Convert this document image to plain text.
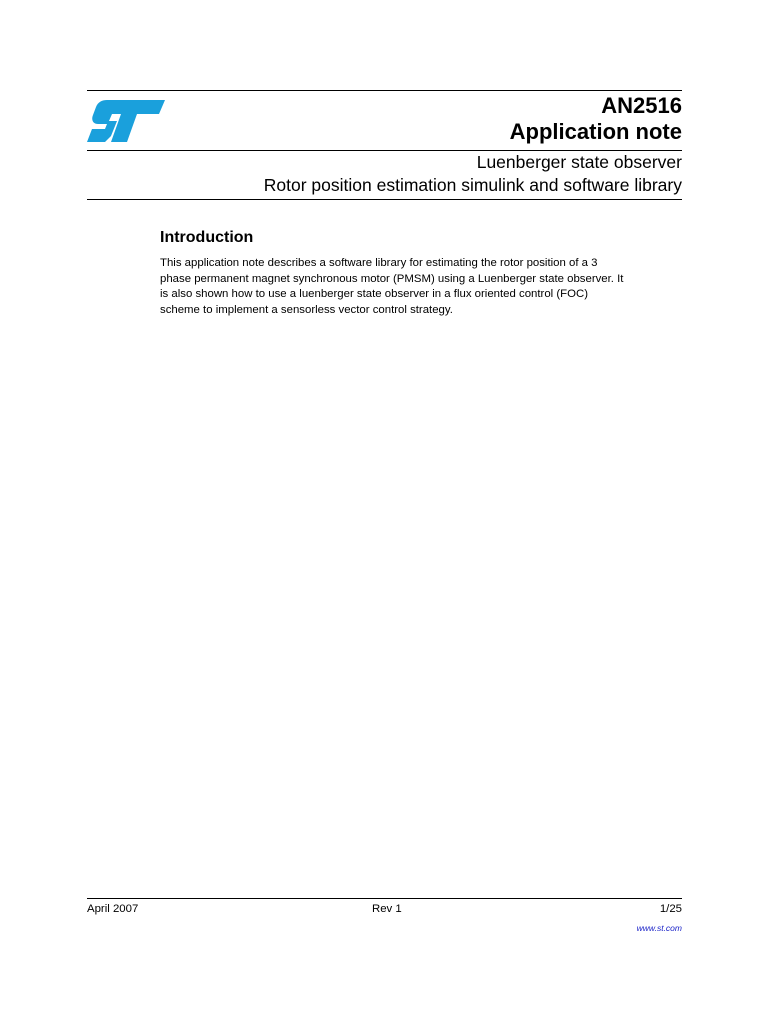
AN2516
Application note
Luenberger state observer
Rotor position estimation simulink and software library
Introduction
This application note describes a software library for estimating the rotor position of a 3
phase permanent magnet synchronous motor (PMSM) using a Luenberger state observer. It
is also shown how to use a luenberger state observer in a flux oriented control (FOC)
scheme to implement a sensorless vector control strategy.
April 2007	Rev 1	1/25
www.st.com
